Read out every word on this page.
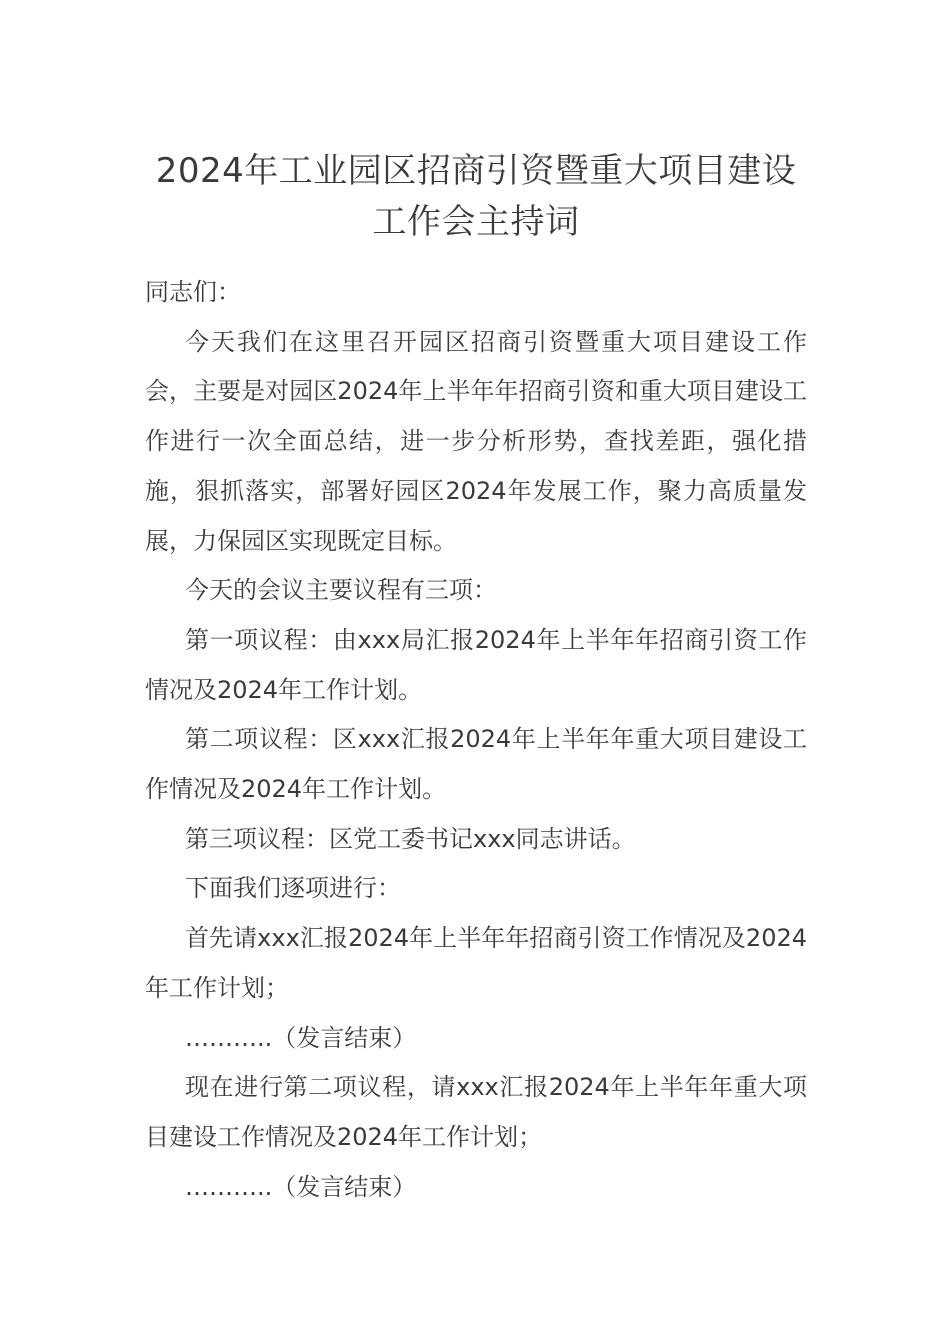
2024年工业园区招商引资暨重大项目建设工作会主持词

同志们：

今天我们在这里召开园区招商引资暨重大项目建设工作会，主要是对园区2024年上半年年招商引资和重大项目建设工作进行一次全面总结，进一步分析形势，查找差距，强化措施，狠抓落实，部署好园区2024年发展工作，聚力高质量发展，力保园区实现既定目标。

今天的会议主要议程有三项：

第一项议程：由xxx局汇报2024年上半年年招商引资工作情况及2024年工作计划。

第二项议程：区xxx汇报2024年上半年年重大项目建设工作情况及2024年工作计划。

第三项议程：区党工委书记xxx同志讲话。

下面我们逐项进行：

首先请xxx汇报2024年上半年年招商引资工作情况及2024年工作计划；

………..（发言结束）

现在进行第二项议程，请xxx汇报2024年上半年年重大项目建设工作情况及2024年工作计划；

………..（发言结束）
